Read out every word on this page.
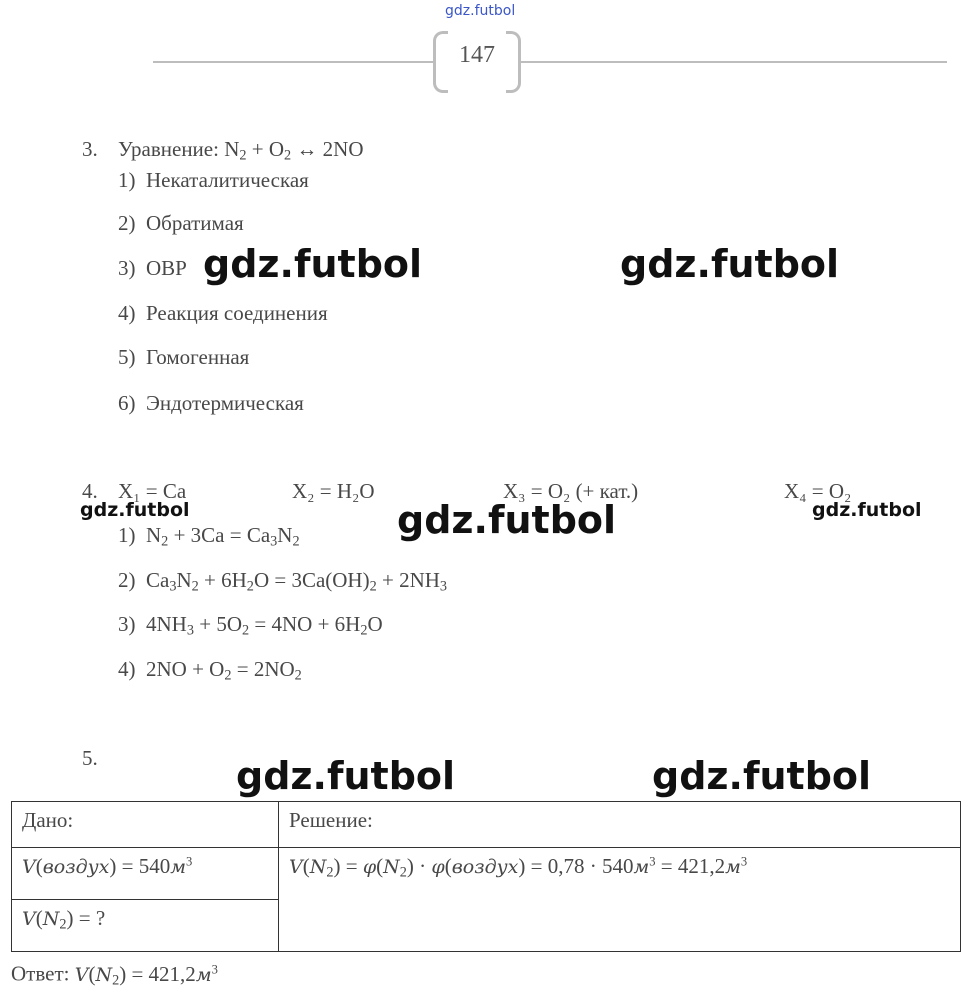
gdz.futbol
147
3. Уравнение: $N_2 + O_2$ ↔ 2NO
1) Некаталитическая
2) Обратимая
3) ОВР
4) Реакция соединения
5) Гомогенная
6) Эндотермическая
4. X₁ = Ca	X₂ = H₂O	X₃ = O₂ (+ кат.)	X₄ = O₂
1)  $N_2 + 3Ca = Ca_3N_2$
2)  $Ca_3N_2 + 6H_2O = 3Ca(OH)_2 + 2NH_3$
3)  $4NH_3 + 5O_2 = 4NO + 6H_2O$
4)  $2NO + O_2 = 2NO_2$
5.
Дано:	Решение:
V(воздух) = $540м^3$	$V(N_2) = \varphi(N_2)$ · φ(воздух) = $0,78 \cdot 540м^3 = 421,2м^3$
$V(N_2)$ = ?	
Ответ: $V(N_2) = 421,2м^3$
gdz.futbol	gdz.futbol
gdz.futbol	gdz.futbol	gdz.futbol
gdz.futbol	gdz.futbol
